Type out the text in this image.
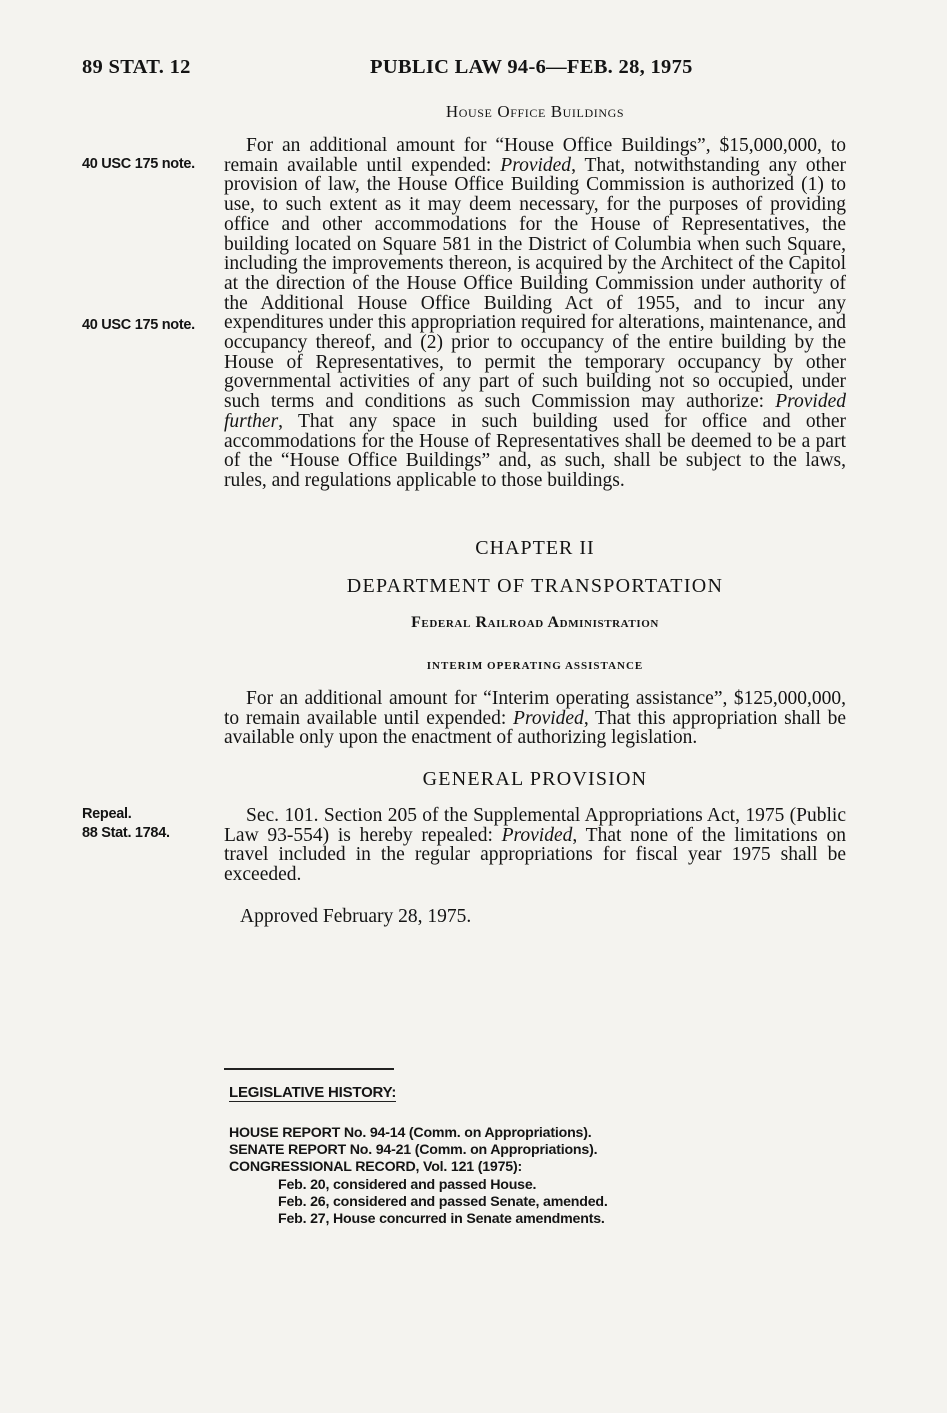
89 STAT. 12	PUBLIC LAW 94-6—FEB. 28, 1975
House Office Buildings
40 USC 175 note.
40 USC 175 note.
For an additional amount for “House Office Buildings”, $15,000,000, to remain available until expended: Provided, That, notwithstanding any other provision of law, the House Office Building Commission is authorized (1) to use, to such extent as it may deem necessary, for the purposes of providing office and other accommodations for the House of Representatives, the building located on Square 581 in the District of Columbia when such Square, including the improvements thereon, is acquired by the Architect of the Capitol at the direction of the House Office Building Commission under authority of the Additional House Office Building Act of 1955, and to incur any expenditures under this appropriation required for alterations, maintenance, and occupancy thereof, and (2) prior to occupancy of the entire building by the House of Representatives, to permit the temporary occupancy by other governmental activities of any part of such building not so occupied, under such terms and conditions as such Commission may authorize: Provided further, That any space in such building used for office and other accommodations for the House of Representatives shall be deemed to be a part of the “House Office Buildings” and, as such, shall be subject to the laws, rules, and regulations applicable to those buildings.
CHAPTER II
DEPARTMENT OF TRANSPORTATION
Federal Railroad Administration
INTERIM OPERATING ASSISTANCE
For an additional amount for “Interim operating assistance”, $125,000,000, to remain available until expended: Provided, That this appropriation shall be available only upon the enactment of authorizing legislation.
GENERAL PROVISION
Repeal.
88 Stat. 1784.
Sec. 101. Section 205 of the Supplemental Appropriations Act, 1975 (Public Law 93-554) is hereby repealed: Provided, That none of the limitations on travel included in the regular appropriations for fiscal year 1975 shall be exceeded.
Approved February 28, 1975.
LEGISLATIVE HISTORY:
HOUSE REPORT No. 94-14 (Comm. on Appropriations).
SENATE REPORT No. 94-21 (Comm. on Appropriations).
CONGRESSIONAL RECORD, Vol. 121 (1975):
Feb. 20, considered and passed House.
Feb. 26, considered and passed Senate, amended.
Feb. 27, House concurred in Senate amendments.
